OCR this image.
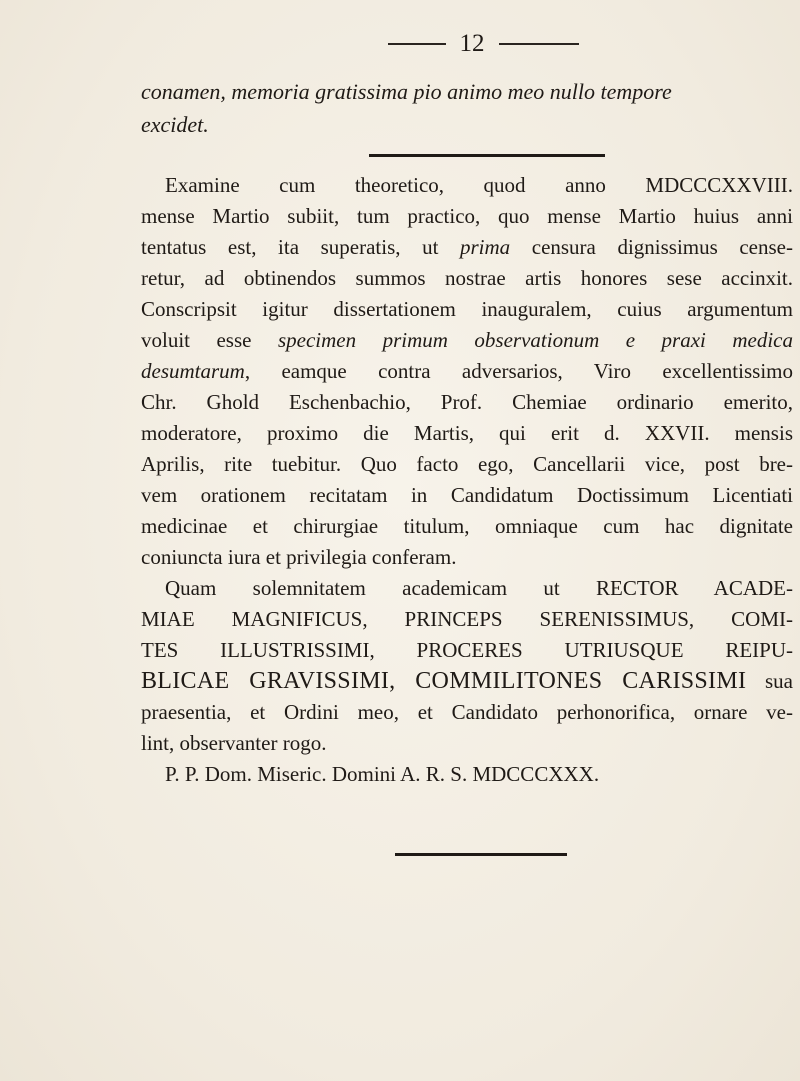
12

conamen, memoria gratissima pio animo meo nullo tempore
excidet.

Examine cum theoretico, quod anno MDCCCXXVIII.
mense Martio subiit, tum practico, quo mense Martio huius anni
tentatus est, ita superatis, ut prima censura dignissimus cense-
retur, ad obtinendos summos nostrae artis honores sese accinxit.
Conscripsit igitur dissertationem inauguralem, cuius argumentum
voluit esse specimen primum observationum e praxi medica
desumtarum, eamque contra adversarios, Viro excellentissimo
Chr. Ghold Eschenbachio, Prof. Chemiae ordinario emerito,
moderatore, proximo die Martis, qui erit d. XXVII. mensis
Aprilis, rite tuebitur. Quo facto ego, Cancellarii vice, post bre-
vem orationem recitatam in Candidatum Doctissimum Licentiati
medicinae et chirurgiae titulum, omniaque cum hac dignitate
coniuncta iura et privilegia conferam.
Quam solemnitatem academicam ut RECTOR ACADE-
MIAE MAGNIFICUS, PRINCEPS SERENISSIMUS, COMI-
TES ILLUSTRISSIMI, PROCERES UTRIUSQUE REIPU-
BLICAE GRAVISSIMI, COMMILITONES CARISSIMI sua
praesentia, et Ordini meo, et Candidato perhonorifica, ornare ve-
lint, observanter rogo.
P. P. Dom. Miseric. Domini A. R. S. MDCCCXXX.
